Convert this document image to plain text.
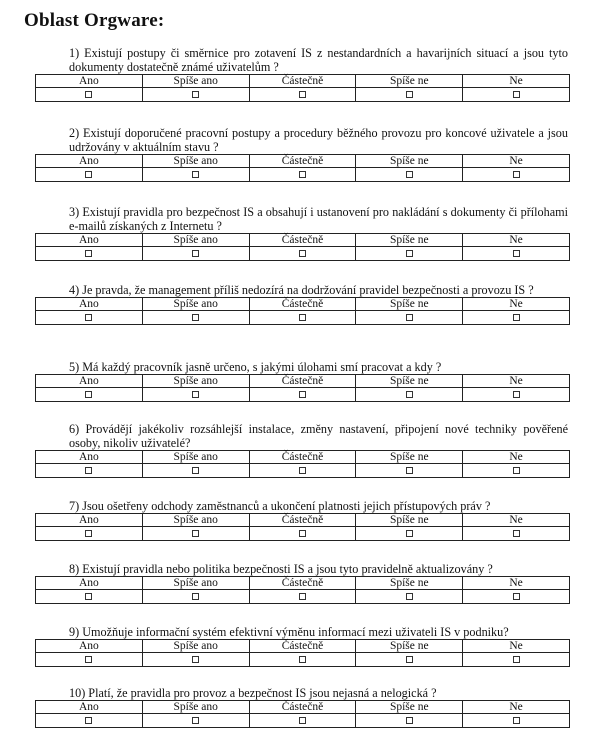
Oblast Orgware:
1) Existují postupy či směrnice pro zotavení IS z nestandardních a havarijních situací a jsou tyto dokumenty dostatečně známé uživatelům ?
Ano	Spíše ano	Částečně	Spíše ne	Ne

2) Existují doporučené pracovní postupy a procedury běžného provozu pro koncové uživatele a jsou udržovány v aktuálním stavu ?
Ano	Spíše ano	Částečně	Spíše ne	Ne

3) Existují pravidla pro bezpečnost IS a obsahují i ustanovení pro nakládání s dokumenty či přílohami e-mailů získaných z Internetu ?
Ano	Spíše ano	Částečně	Spíše ne	Ne

4) Je pravda, že management příliš nedozírá na dodržování pravidel bezpečnosti a provozu IS ?
Ano	Spíše ano	Částečně	Spíše ne	Ne

5) Má každý pracovník jasně určeno, s jakými úlohami smí pracovat a kdy ?
Ano	Spíše ano	Částečně	Spíše ne	Ne

6) Provádějí jakékoliv rozsáhlejší instalace, změny nastavení, připojení nové techniky pověřené osoby, nikoliv uživatelé?
Ano	Spíše ano	Částečně	Spíše ne	Ne

7) Jsou ošetřeny odchody zaměstnanců a ukončení platnosti jejich přístupových práv ?
Ano	Spíše ano	Částečně	Spíše ne	Ne

8) Existují pravidla nebo politika bezpečnosti IS a jsou tyto pravidelně aktualizovány ?
Ano	Spíše ano	Částečně	Spíše ne	Ne

9) Umožňuje informační systém efektivní výměnu informací mezi uživateli IS v podniku?
Ano	Spíše ano	Částečně	Spíše ne	Ne

10) Platí, že pravidla pro provoz a bezpečnost IS jsou nejasná a nelogická ?
Ano	Spíše ano	Částečně	Spíše ne	Ne
